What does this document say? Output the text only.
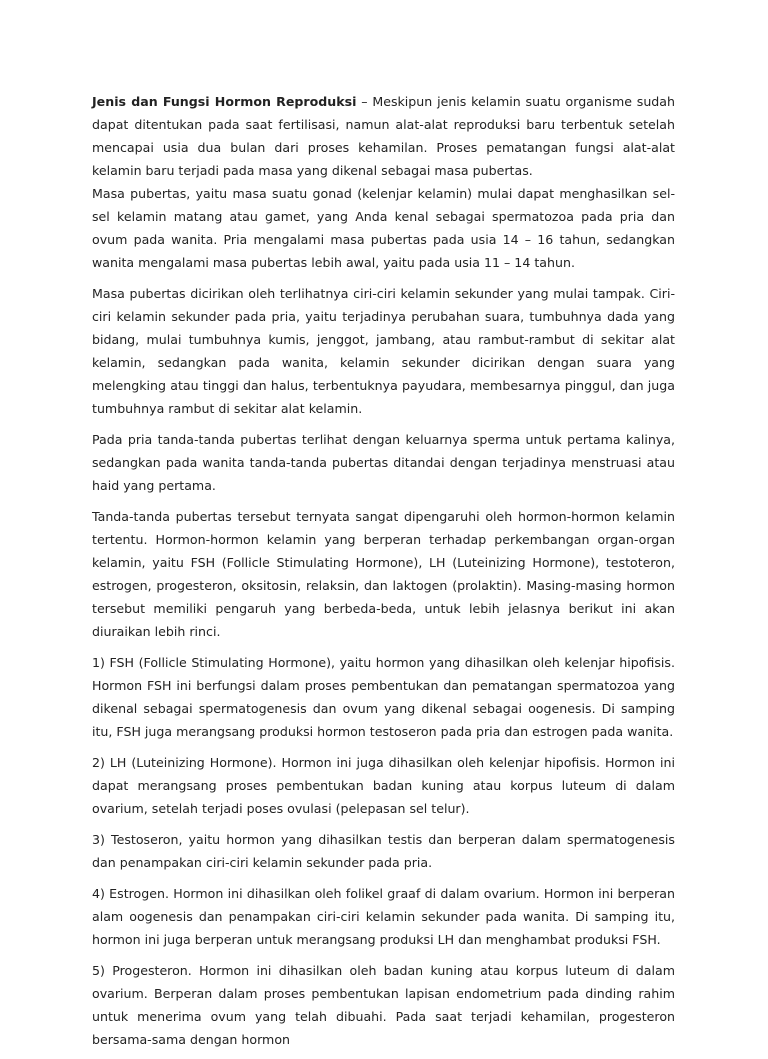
Jenis dan Fungsi Hormon Reproduksi – Meskipun jenis kelamin suatu organisme sudah dapat ditentukan pada saat fertilisasi, namun alat-alat reproduksi baru terbentuk setelah mencapai usia dua bulan dari proses kehamilan. Proses pematangan fungsi alat-alat kelamin baru terjadi pada masa yang dikenal sebagai masa pubertas.

Masa pubertas, yaitu masa suatu gonad (kelenjar kelamin) mulai dapat menghasilkan sel-sel kelamin matang atau gamet, yang Anda kenal sebagai spermatozoa pada pria dan ovum pada wanita. Pria mengalami masa pubertas pada usia 14 – 16 tahun, sedangkan wanita mengalami masa pubertas lebih awal, yaitu pada usia 11 – 14 tahun.

Masa pubertas dicirikan oleh terlihatnya ciri-ciri kelamin sekunder yang mulai tampak. Ciri-ciri kelamin sekunder pada pria, yaitu terjadinya perubahan suara, tumbuhnya dada yang bidang, mulai tumbuhnya kumis, jenggot, jambang, atau rambut-rambut di sekitar alat kelamin, sedangkan pada wanita, kelamin sekunder dicirikan dengan suara yang melengking atau tinggi dan halus, terbentuknya payudara, membesarnya pinggul, dan juga tumbuhnya rambut di sekitar alat kelamin.

Pada pria tanda-tanda pubertas terlihat dengan keluarnya sperma untuk pertama kalinya, sedangkan pada wanita tanda-tanda pubertas ditandai dengan terjadinya menstruasi atau haid yang pertama.

Tanda-tanda pubertas tersebut ternyata sangat dipengaruhi oleh hormon-hormon kelamin tertentu. Hormon-hormon kelamin yang berperan terhadap perkembangan organ-organ kelamin, yaitu FSH (Follicle Stimulating Hormone), LH (Luteinizing Hormone), testoteron, estrogen, progesteron, oksitosin, relaksin, dan laktogen (prolaktin). Masing-masing hormon tersebut memiliki pengaruh yang berbeda-beda, untuk lebih jelasnya berikut ini akan diuraikan lebih rinci.

1) FSH (Follicle Stimulating Hormone), yaitu hormon yang dihasilkan oleh kelenjar hipofisis. Hormon FSH ini berfungsi dalam proses pembentukan dan pematangan spermatozoa yang dikenal sebagai spermatogenesis dan ovum yang dikenal sebagai oogenesis. Di samping itu, FSH juga merangsang produksi hormon testoseron pada pria dan estrogen pada wanita.

2) LH (Luteinizing Hormone). Hormon ini juga dihasilkan oleh kelenjar hipofisis. Hormon ini dapat merangsang proses pembentukan badan kuning atau korpus luteum di dalam ovarium, setelah terjadi poses ovulasi (pelepasan sel telur).

3) Testoseron, yaitu hormon yang dihasilkan testis dan berperan dalam spermatogenesis dan penampakan ciri-ciri kelamin sekunder pada pria.

4) Estrogen. Hormon ini dihasilkan oleh folikel graaf di dalam ovarium. Hormon ini berperan alam oogenesis dan penampakan ciri-ciri kelamin sekunder pada wanita. Di samping itu, hormon ini juga berperan untuk merangsang produksi LH dan menghambat produksi FSH.

5) Progesteron. Hormon ini dihasilkan oleh badan kuning atau korpus luteum di dalam ovarium. Berperan dalam proses pembentukan lapisan endometrium pada dinding rahim untuk menerima ovum yang telah dibuahi. Pada saat terjadi kehamilan, progesteron bersama-sama dengan hormon
